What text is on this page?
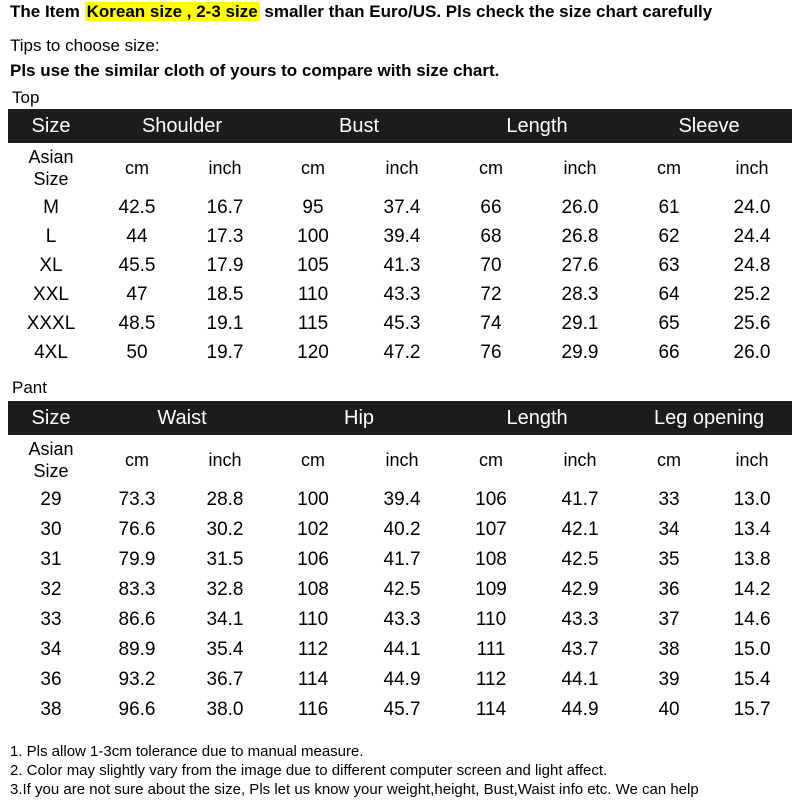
The Item Korean size , 2-3 size smaller than Euro/US. Pls check the size chart carefully
Tips to choose size:
Pls use the similar cloth of yours to compare with size chart.
Top
Size	Shoulder		Bust		Length		Sleeve	
Asian
Size	cm	inch	cm	inch	cm	inch	cm	inch
M	42.5	16.7	95	37.4	66	26.0	61	24.0
L	44	17.3	100	39.4	68	26.8	62	24.4
XL	45.5	17.9	105	41.3	70	27.6	63	24.8
XXL	47	18.5	110	43.3	72	28.3	64	25.2
XXXL	48.5	19.1	115	45.3	74	29.1	65	25.6
4XL	50	19.7	120	47.2	76	29.9	66	26.0
Pant
Size	Waist		Hip		Length		Leg opening	
Asian
Size	cm	inch	cm	inch	cm	inch	cm	inch
29	73.3	28.8	100	39.4	106	41.7	33	13.0
30	76.6	30.2	102	40.2	107	42.1	34	13.4
31	79.9	31.5	106	41.7	108	42.5	35	13.8
32	83.3	32.8	108	42.5	109	42.9	36	14.2
33	86.6	34.1	110	43.3	110	43.3	37	14.6
34	89.9	35.4	112	44.1	111	43.7	38	15.0
36	93.2	36.7	114	44.9	112	44.1	39	15.4
38	96.6	38.0	116	45.7	114	44.9	40	15.7
1. Pls allow 1-3cm tolerance due to manual measure.
2. Color may slightly vary from the image due to different computer screen and light affect.
3.If you are not sure about the size, Pls let us know your weight,height, Bust,Waist info etc. We can help
